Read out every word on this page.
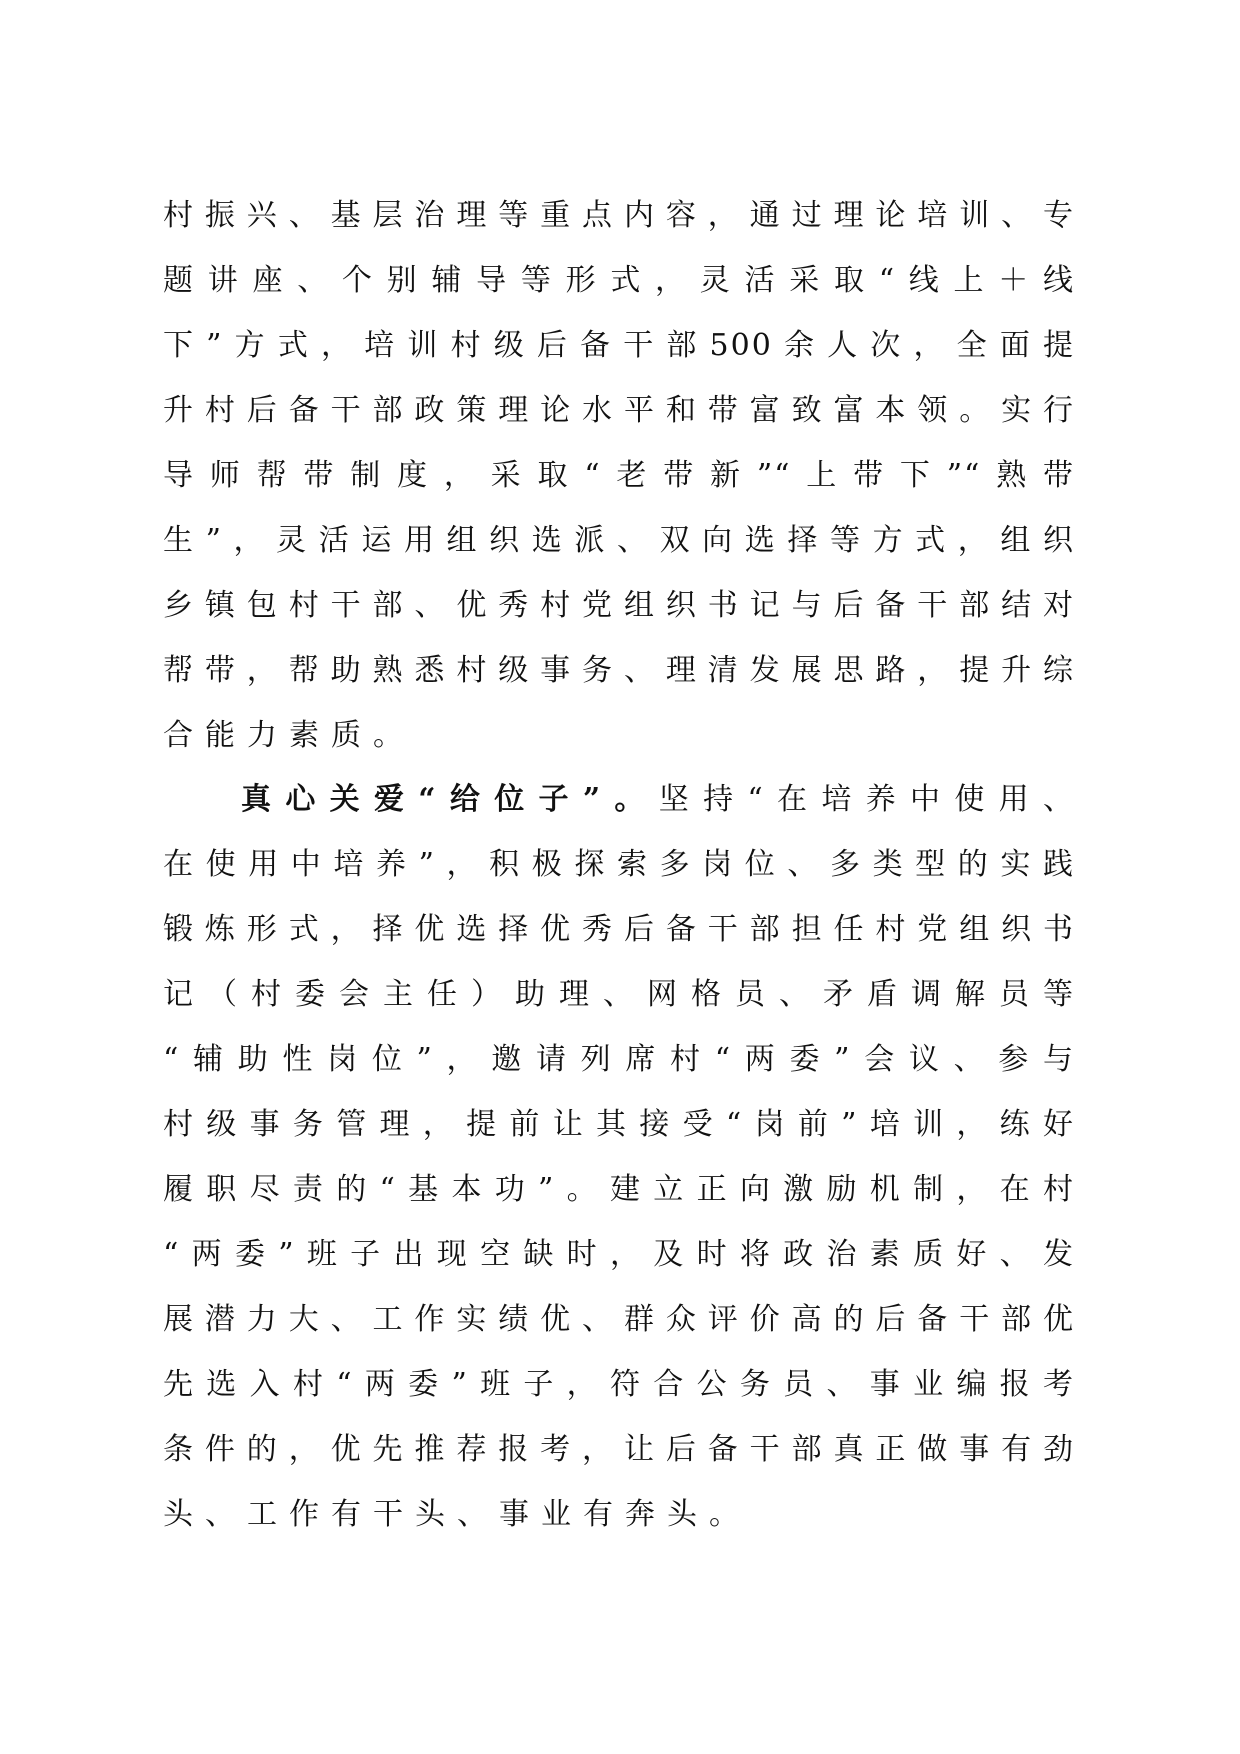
村振兴、基层治理等重点内容，通过理论培训、专
题讲座、个别辅导等形式，灵活采取“线上＋线
下”方式，培训村级后备干部500余人次，全面提
升村后备干部政策理论水平和带富致富本领。实行
导师帮带制度，采取“老带新”“上带下”“熟带
生”，灵活运用组织选派、双向选择等方式，组织
乡镇包村干部、优秀村党组织书记与后备干部结对
帮带，帮助熟悉村级事务、理清发展思路，提升综
合能力素质。
真心关爱“给位子”。坚持“在培养中使用、
在使用中培养”，积极探索多岗位、多类型的实践
锻炼形式，择优选择优秀后备干部担任村党组织书
记（村委会主任）助理、网格员、矛盾调解员等
“辅助性岗位”，邀请列席村“两委”会议、参与
村级事务管理，提前让其接受“岗前”培训，练好
履职尽责的“基本功”。建立正向激励机制，在村
“两委”班子出现空缺时，及时将政治素质好、发
展潜力大、工作实绩优、群众评价高的后备干部优
先选入村“两委”班子，符合公务员、事业编报考
条件的，优先推荐报考，让后备干部真正做事有劲
头、工作有干头、事业有奔头。
